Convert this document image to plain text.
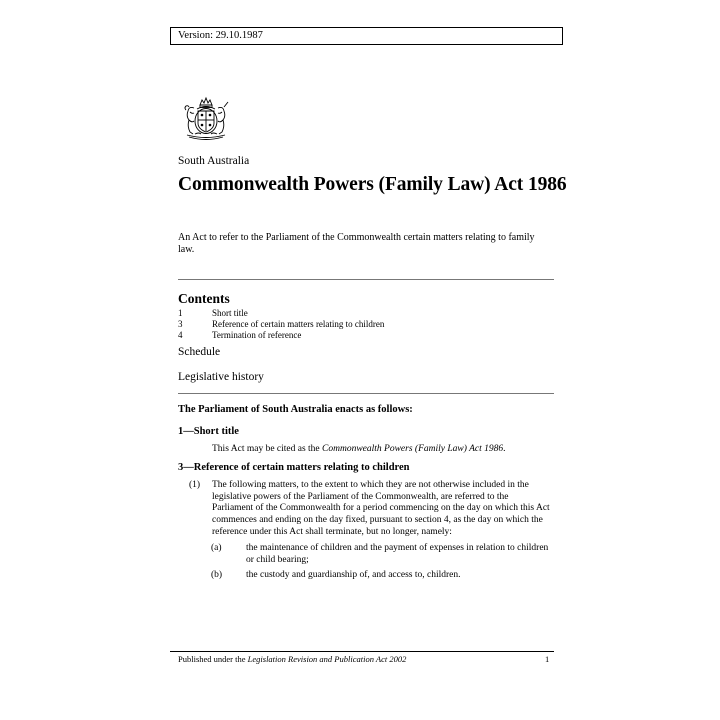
Version: 29.10.1987
South Australia
Commonwealth Powers (Family Law) Act 1986
An Act to refer to the Parliament of the Commonwealth certain matters relating to family law.
Contents
1	Short title
3	Reference of certain matters relating to children
4	Termination of reference
Schedule
Legislative history
The Parliament of South Australia enacts as follows:
1—Short title
This Act may be cited as the Commonwealth Powers (Family Law) Act 1986.
3—Reference of certain matters relating to children
(1) The following matters, to the extent to which they are not otherwise included in the legislative powers of the Parliament of the Commonwealth, are referred to the Parliament of the Commonwealth for a period commencing on the day on which this Act commences and ending on the day fixed, pursuant to section 4, as the day on which the reference under this Act shall terminate, but no longer, namely:
(a)	the maintenance of children and the payment of expenses in relation to children or child bearing;
(b)	the custody and guardianship of, and access to, children.
Published under the Legislation Revision and Publication Act 2002	1
